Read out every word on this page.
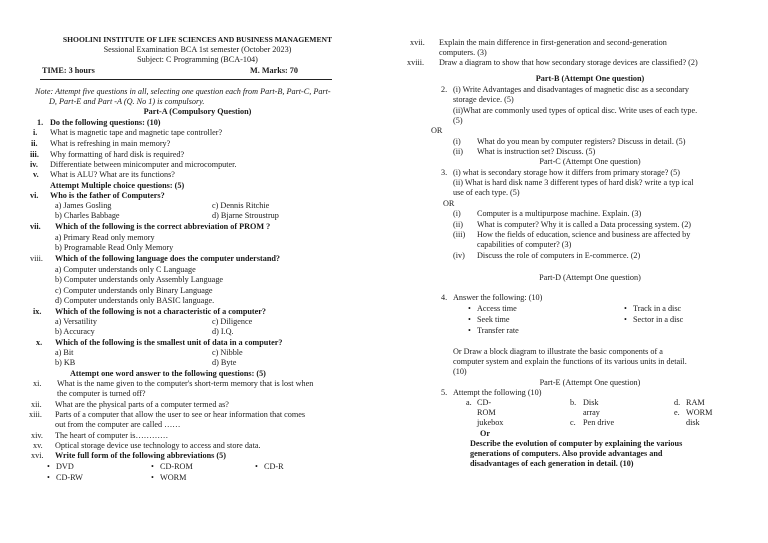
SHOOLINI INSTITUTE OF LIFE SCIENCES AND BUSINESS MANAGEMENT
Sessional Examination BCA 1st semester (October 2023)
Subject: C Programming (BCA-104)
TIME: 3 hours	M. Marks: 70
Note: Attempt five questions in all, selecting one question each from Part-B, Part-C, Part-
D, Part-E and Part -A (Q. No 1) is compulsory.
Part-A (Compulsory Question)
1. Do the following questions: (10)
i. What is magnetic tape and magnetic tape controller?
ii. What is refreshing in main memory?
iii. Why formatting of hard disk is required?
iv. Differentiate between minicomputer and microcomputer.
v. What is ALU? What are its functions?
Attempt Multiple choice questions: (5)
vi. Who is the father of Computers?
a) James Gosling	c) Dennis Ritchie
b) Charles Babbage	d) Bjarne Stroustrup
vii. Which of the following is the correct abbreviation of PROM ?
a) Primary Read only memory
b) Programable Read Only Memory
viii. Which of the following language does the computer understand?
a) Computer understands only C Language
b) Computer understands only Assembly Language
c) Computer understands only Binary Language
d) Computer understands only BASIC language.
ix. Which of the following is not a characteristic of a computer?
a) Versatility	c) Diligence
b) Accuracy	d) I.Q.
x. Which of the following is the smallest unit of data in a computer?
a) Bit	c) Nibble
b) KB	d) Byte
Attempt one word answer to the following questions: (5)
xi. What is the name given to the computer's short-term memory that is lost when
the computer is turned off?
xii. What are the physical parts of a computer termed as?
xiii. Parts of a computer that allow the user to see or hear information that comes
out from the computer are called ……
xiv. The heart of computer is…………
xv. Optical storage device use technology to access and store data.
xvi. Write full form of the following abbreviations (5)
• DVD	• CD-ROM	• CD-R
• CD-RW	• WORM
xvii. Explain the main difference in first-generation and second-generation
computers. (3)
xviii. Draw a diagram to show that how secondary storage devices are classified? (2)
Part-B (Attempt One question)
2. (i) Write Advantages and disadvantages of magnetic disc as a secondary
storage device. (5)
(ii)What are commonly used types of optical disc. Write uses of each type.
(5)
OR
(i) What do you mean by computer registers? Discuss in detail. (5)
(ii) What is instruction set? Discuss. (5)
Part-C (Attempt One question)
3. (i) what is secondary storage how it differs from primary storage? (5)
(ii) What is hard disk name 3 different types of hard disk? write a typ ical
use of each type. (5)
OR
(i) Computer is a multipurpose machine. Explain. (3)
(ii) What is computer? Why it is called a Data processing system. (2)
(iii) How the fields of education, science and business are affected by
capabilities of computer? (3)
(iv) Discuss the role of computers in E-commerce. (2)
Part-D (Attempt One question)
4. Answer the following: (10)
• Access time
• Seek time
• Transfer rate
• Track in a disc
• Sector in a disc
Or Draw a block diagram to illustrate the basic components of a
computer system and explain the functions of its various units in detail.
(10)
Part-E (Attempt One question)
5. Attempt the following (10)
a. CD-
ROM
jukebox
b. Disk
array
c. Pen drive
d. RAM
e. WORM
disk
Or
Describe the evolution of computer by explaining the various
generations of computers. Also provide advantages and
disadvantages of each generation in detail. (10)
